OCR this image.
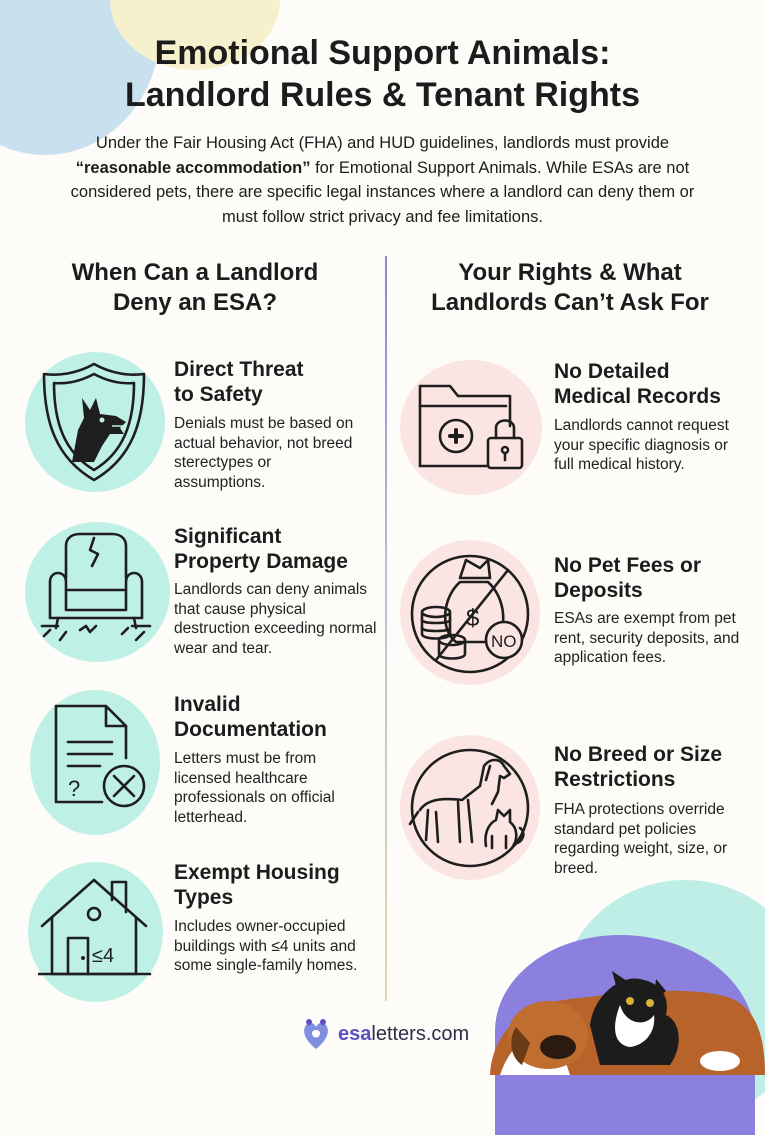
Emotional Support Animals:
Landlord Rules & Tenant Rights
Under the Fair Housing Act (FHA) and HUD guidelines, landlords must provide “reasonable accommodation” for Emotional Support Animals. While ESAs are not considered pets, there are specific legal instances where a landlord can deny them or must follow strict privacy and fee limitations.
When Can a Landlord
Deny an ESA?
Your Rights & What
Landlords Can’t Ask For
Direct Threat
to Safety
Denials must be based on actual behavior, not breed sterectypes or assumptions.
Significant
Property Damage
Landlords can deny animals that cause physical destruction exceeding normal wear and tear.
?
Invalid
Documentation
Letters must be from licensed healthcare professionals on official letterhead.
≤4
Exempt Housing
Types
Includes owner-occupied buildings with ≤4 units and some single-family homes.
No Detailed
Medical Records
Landlords cannot request your specific diagnosis or full medical history.
$
NO
No Pet Fees or
Deposits
ESAs are exempt from pet rent, security deposits, and application fees.
No Breed or Size
Restrictions
FHA protections override standard pet policies regarding weight, size, or breed.
esaletters.com
